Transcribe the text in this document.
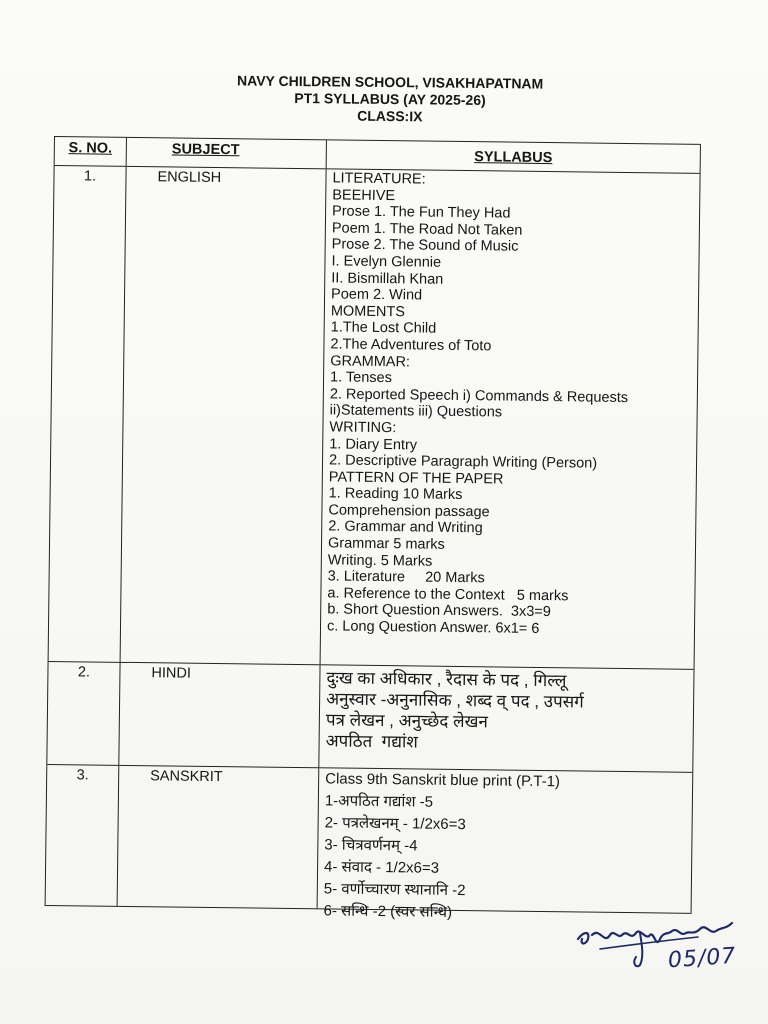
NAVY CHILDREN SCHOOL, VISAKHAPATNAM
PT1 SYLLABUS (AY 2025-26)
CLASS:IX
S. NO.	SUBJECT	SYLLABUS
1.	ENGLISH	LITERATURE:
BEEHIVE
Prose 1. The Fun They Had
Poem 1. The Road Not Taken
Prose 2. The Sound of Music
I. Evelyn Glennie
II. Bismillah Khan
Poem 2. Wind
MOMENTS
1.The Lost Child
2.The Adventures of Toto
GRAMMAR:
1. Tenses
2. Reported Speech i) Commands & Requests
ii)Statements iii) Questions
WRITING:
1. Diary Entry
2. Descriptive Paragraph Writing (Person)
PATTERN OF THE PAPER
1. Reading 10 Marks
Comprehension passage
2. Grammar and Writing
Grammar 5 marks
Writing. 5 Marks
3. Literature     20 Marks
a. Reference to the Context   5 marks
b. Short Question Answers.  3x3=9
c. Long Question Answer. 6x1= 6
2.	HINDI	दुःख का अधिकार , रैदास के पद , गिल्लू
अनुस्वार -अनुनासिक , शब्द व् पद , उपसर्ग
पत्र लेखन , अनुच्छेद लेखन
अपठित  गद्यांश
3.	SANSKRIT	Class 9th Sanskrit blue print (P.T-1)
1-अपठित गद्यांश -5
2- पत्रलेखनम् - 1/2x6=3
3- चित्रवर्णनम् -4
4- संवाद - 1/2x6=3
5- वर्णोच्चारण स्थानानि -2
6- सन्धि -2 (स्वर सन्धि)
05/07
